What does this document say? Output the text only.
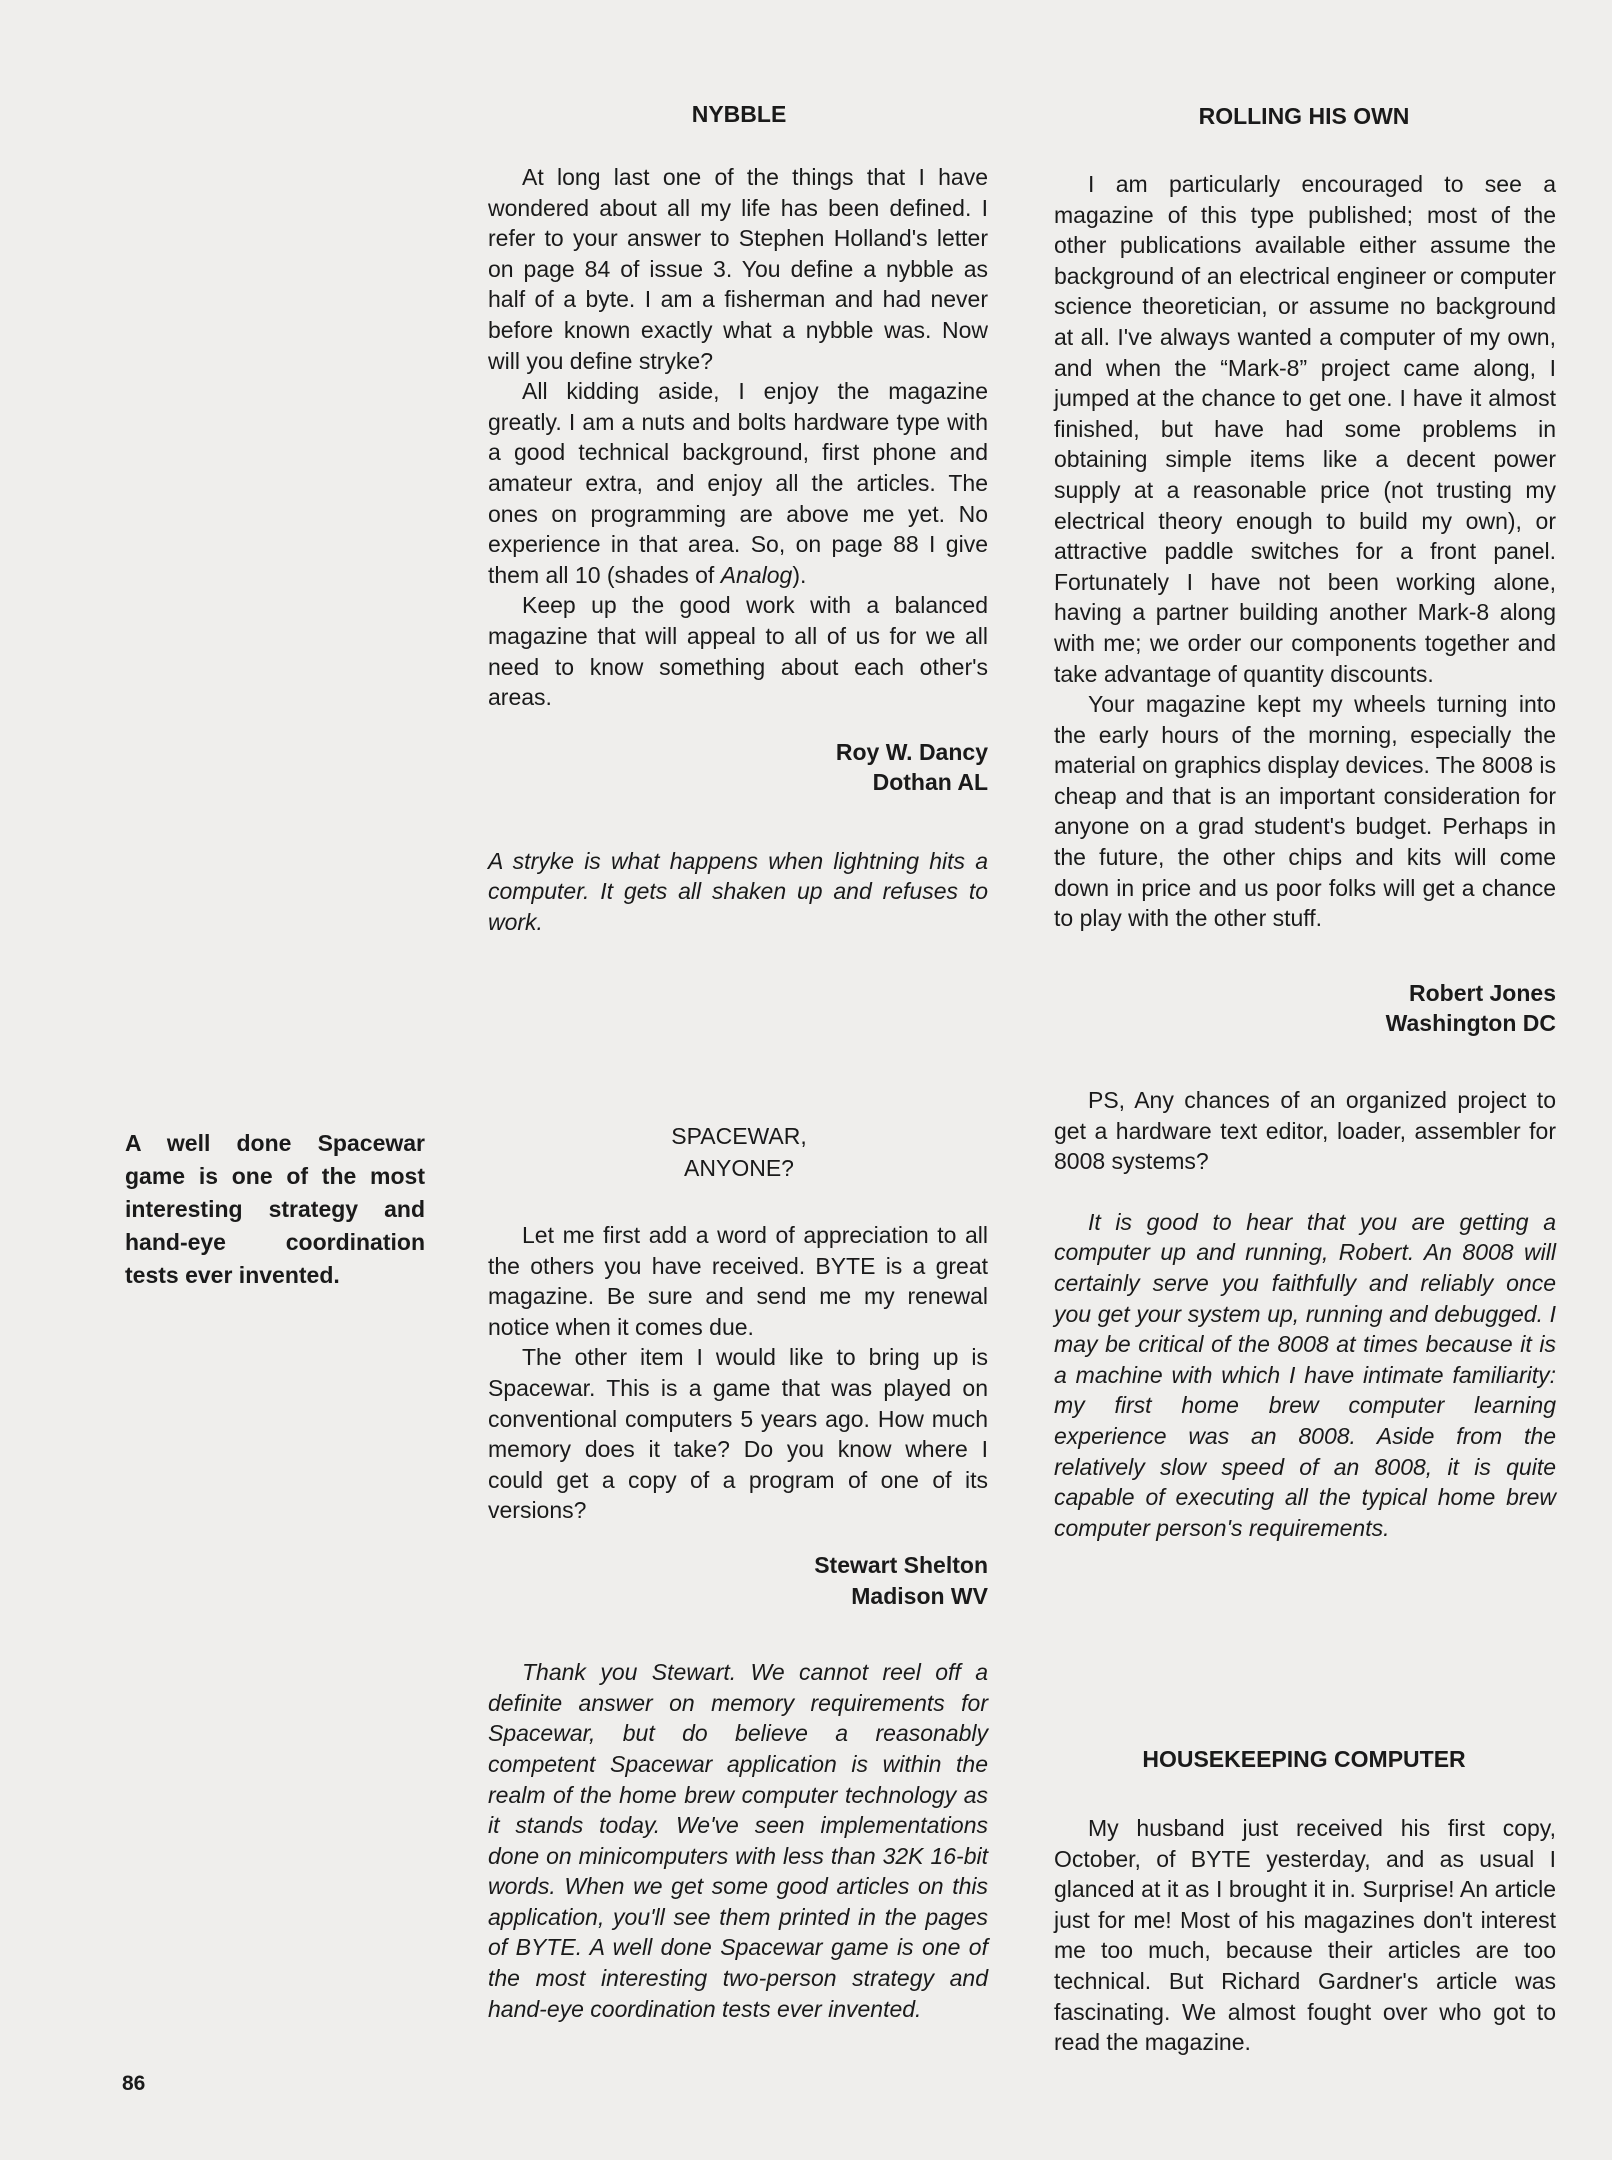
NYBBLE

At long last one of the things that I have wondered about all my life has been defined. I refer to your answer to Stephen Holland's letter on page 84 of issue 3. You define a nybble as half of a byte. I am a fisherman and had never before known exactly what a nybble was. Now will you define stryke?

All kidding aside, I enjoy the magazine greatly. I am a nuts and bolts hardware type with a good technical background, first phone and amateur extra, and enjoy all the articles. The ones on programming are above me yet. No experience in that area. So, on page 88 I give them all 10 (shades of Analog).

Keep up the good work with a balanced magazine that will appeal to all of us for we all need to know something about each other's areas.

Roy W. Dancy
Dothan AL

A stryke is what happens when lightning hits a computer. It gets all shaken up and refuses to work.

SPACEWAR,
ANYONE?

Let me first add a word of appreciation to all the others you have received. BYTE is a great magazine. Be sure and send me my renewal notice when it comes due.

The other item I would like to bring up is Spacewar. This is a game that was played on conventional computers 5 years ago. How much memory does it take? Do you know where I could get a copy of a program of one of its versions?

Stewart Shelton
Madison WV

Thank you Stewart. We cannot reel off a definite answer on memory requirements for Spacewar, but do believe a reasonably competent Spacewar application is within the realm of the home brew computer technology as it stands today. We've seen implementations done on minicomputers with less than 32K 16-bit words. When we get some good articles on this application, you'll see them printed in the pages of BYTE. A well done Spacewar game is one of the most interesting two-person strategy and hand-eye coordination tests ever invented.

ROLLING HIS OWN

I am particularly encouraged to see a magazine of this type published; most of the other publications available either assume the background of an electrical engineer or computer science theoretician, or assume no background at all. I've always wanted a computer of my own, and when the “Mark-8” project came along, I jumped at the chance to get one. I have it almost finished, but have had some problems in obtaining simple items like a decent power supply at a reasonable price (not trusting my electrical theory enough to build my own), or attractive paddle switches for a front panel. Fortunately I have not been working alone, having a partner building another Mark-8 along with me; we order our components together and take advantage of quantity discounts.

Your magazine kept my wheels turning into the early hours of the morning, especially the material on graphics display devices. The 8008 is cheap and that is an important consideration for anyone on a grad student's budget. Perhaps in the future, the other chips and kits will come down in price and us poor folks will get a chance to play with the other stuff.

Robert Jones
Washington DC

PS, Any chances of an organized project to get a hardware text editor, loader, assembler for 8008 systems?

It is good to hear that you are getting a computer up and running, Robert. An 8008 will certainly serve you faithfully and reliably once you get your system up, running and debugged. I may be critical of the 8008 at times because it is a machine with which I have intimate familiarity: my first home brew computer learning experience was an 8008. Aside from the relatively slow speed of an 8008, it is quite capable of executing all the typical home brew computer person's requirements.

HOUSEKEEPING COMPUTER

My husband just received his first copy, October, of BYTE yesterday, and as usual I glanced at it as I brought it in. Surprise! An article just for me! Most of his magazines don't interest me too much, because their articles are too technical. But Richard Gardner's article was fascinating. We almost fought over who got to read the magazine.

A well done Spacewar game is one of the most interesting strategy and hand-eye coordination tests ever invented.
86
